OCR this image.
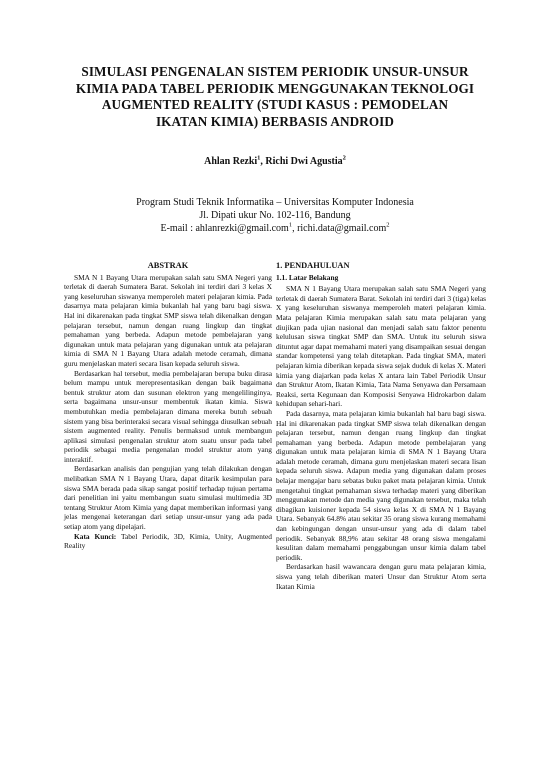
SIMULASI PENGENALAN SISTEM PERIODIK UNSUR-UNSUR
KIMIA PADA TABEL PERIODIK MENGGUNAKAN TEKNOLOGI
AUGMENTED REALITY (STUDI KASUS : PEMODELAN
IKATAN KIMIA) BERBASIS ANDROID
Ahlan Rezki$^1$, Richi Dwi Agustia$^2$
Program Studi Teknik Informatika – Universitas Komputer Indonesia
Jl. Dipati ukur No. 102-116, Bandung
E-mail : ahlanrezki@gmail.com$^1$, richi.data@gmail.com$^2$
ABSTRAK

SMA N 1 Bayang Utara merupakan salah satu SMA Negeri yang terletak di daerah Sumatera Barat. Sekolah ini terdiri dari 3 kelas X yang keseluruhan siswanya memperoleh materi pelajaran kimia. Pada dasarnya mata pelajaran kimia bukanlah hal yang baru bagi siswa. Hal ini dikarenakan pada tingkat SMP siswa telah dikenalkan dengan pelajaran tersebut, namun dengan ruang lingkup dan tingkat pemahaman yang berbeda. Adapun metode pembelajaran yang digunakan untuk mata pelajaran yang digunakan untuk ata pelajaran kimia di SMA N 1 Bayang Utara adalah metode ceramah, dimana guru menjelaskan materi secara lisan kepada seluruh siswa.

Berdasarkan hal tersebut, media pembelajaran berupa buku dirasa belum mampu untuk merepresentasikan dengan baik bagaimana bentuk struktur atom dan susunan elektron yang mengelilinginya, serta bagaimana unsur-unsur membentuk ikatan kimia. Siswa membutuhkan media pembelajaran dimana mereka butuh sebuah sistem yang bisa berinteraksi secara visual sehingga diusulkan sebuah sistem augmented reality. Penulis bermaksud untuk membangun aplikasi simulasi pengenalan struktur atom suatu unsur pada tabel periodik sebagai media pengenalan model struktur atom yang interaktif.

Berdasarkan analisis dan pengujian yang telah dilakukan dengan melibatkan SMA N 1 Bayang Utara, dapat ditarik kesimpulan para siswa SMA berada pada sikap sangat positif terhadap tujuan pertama dari penelitian ini yaitu membangun suatu simulasi multimedia 3D tentang Struktur Atom Kimia yang dapat memberikan informasi yang jelas mengenai keterangan dari setiap unsur-unsur yang ada pada setiap atom yang dipelajari.

Kata Kunci: Tabel Periodik, 3D, Kimia, Unity, Augmented Reality

1. PENDAHULUAN
1.1. Latar Belakang

SMA N 1 Bayang Utara merupakan salah satu SMA Negeri yang terletak di daerah Sumatera Barat. Sekolah ini terdiri dari 3 (tiga) kelas X yang keseluruhan siswanya memperoleh materi pelajaran kimia. Mata pelajaran Kimia merupakan salah satu mata pelajaran yang diujikan pada ujian nasional dan menjadi salah satu faktor penentu kelulusan siswa tingkat SMP dan SMA. Untuk itu seluruh siswa dituntut agar dapat memahami materi yang disampaikan sesuai dengan standar kompetensi yang telah ditetapkan. Pada tingkat SMA, materi pelajaran kimia diberikan kepada siswa sejak duduk di kelas X. Materi kimia yang diajarkan pada kelas X antara lain Tabel Periodik Unsur dan Struktur Atom, Ikatan Kimia, Tata Nama Senyawa dan Persamaan Reaksi, serta Kegunaan dan Komposisi Senyawa Hidrokarbon dalam kehidupan sehari-hari.

Pada dasarnya, mata pelajaran kimia bukanlah hal baru bagi siswa. Hal ini dikarenakan pada tingkat SMP siswa telah dikenalkan dengan pelajaran tersebut, namun dengan ruang lingkup dan tingkat pemahaman yang berbeda. Adapun metode pembelajaran yang digunakan untuk mata pelajaran kimia di SMA N 1 Bayang Utara adalah metode ceramah, dimana guru menjelaskan materi secara lisan kepada seluruh siswa. Adapun media yang digunakan dalam proses belajar mengajar baru sebatas buku paket mata pelajaran kimia. Untuk mengetahui tingkat pemahaman siswa terhadap materi yang diberikan menggunakan metode dan media yang digunakan tersebut, maka telah dibagikan kuisioner kepada 54 siswa kelas X di SMA N 1 Bayang Utara. Sebanyak 64.8% atau sekitar 35 orang siswa kurang memahami dan kebingungan dengan unsur-unsur yang ada di dalam tabel periodik. Sebanyak 88,9% atau sekitar 48 orang siswa mengalami kesulitan dalam memahami penggabungan unsur kimia dalam tabel periodik.

Berdasarkan hasil wawancara dengan guru mata pelajaran kimia, siswa yang telah diberikan materi Unsur dan Struktur Atom serta Ikatan Kimia
